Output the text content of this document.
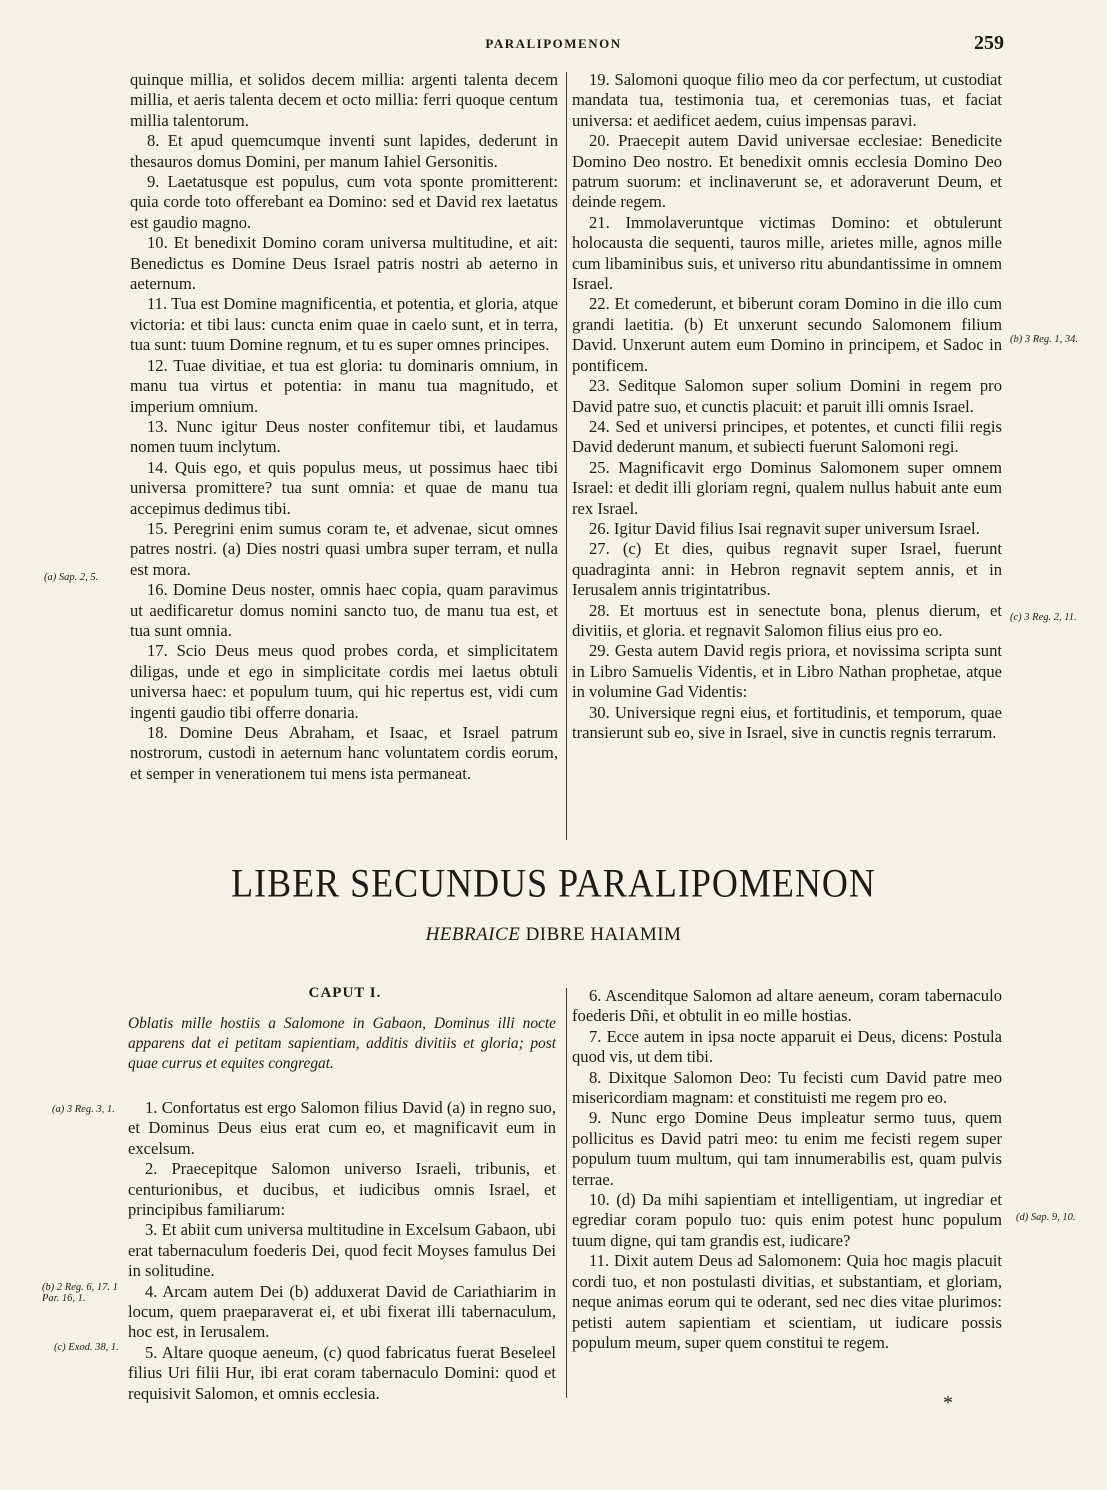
PARALIPOMENON	259

quinque millia, et solidos decem millia: argenti talenta decem millia, et aeris talenta decem et octo millia: ferri quoque centum millia talentorum.

8. Et apud quemcumque inventi sunt lapides, dederunt in thesauros domus Domini, per manum Iahiel Gersonitis.

9. Laetatusque est populus, cum vota sponte promitterent: quia corde toto offerebant ea Domino: sed et David rex laetatus est gaudio magno.

10. Et benedixit Domino coram universa multitudine, et ait: Benedictus es Domine Deus Israel patris nostri ab aeterno in aeternum.

11. Tua est Domine magnificentia, et potentia, et gloria, atque victoria: et tibi laus: cuncta enim quae in caelo sunt, et in terra, tua sunt: tuum Domine regnum, et tu es super omnes principes.

12. Tuae divitiae, et tua est gloria: tu dominaris omnium, in manu tua virtus et potentia: in manu tua magnitudo, et imperium omnium.

13. Nunc igitur Deus noster confitemur tibi, et laudamus nomen tuum inclytum.

14. Quis ego, et quis populus meus, ut possimus haec tibi universa promittere? tua sunt omnia: et quae de manu tua accepimus dedimus tibi.

15. Peregrini enim sumus coram te, et advenae, sicut omnes patres nostri. (a) Dies nostri quasi umbra super terram, et nulla est mora.

16. Domine Deus noster, omnis haec copia, quam paravimus ut aedificaretur domus nomini sancto tuo, de manu tua est, et tua sunt omnia.

17. Scio Deus meus quod probes corda, et simplicitatem diligas, unde et ego in simplicitate cordis mei laetus obtuli universa haec: et populum tuum, qui hic repertus est, vidi cum ingenti gaudio tibi offerre donaria.

18. Domine Deus Abraham, et Isaac, et Israel patrum nostrorum, custodi in aeternum hanc voluntatem cordis eorum, et semper in venerationem tui mens ista permaneat.

19. Salomoni quoque filio meo da cor perfectum, ut custodiat mandata tua, testimonia tua, et ceremonias tuas, et faciat universa: et aedificet aedem, cuius impensas paravi.

20. Praecepit autem David universae ecclesiae: Benedicite Domino Deo nostro. Et benedixit omnis ecclesia Domino Deo patrum suorum: et inclinaverunt se, et adoraverunt Deum, et deinde regem.

21. Immolaveruntque victimas Domino: et obtulerunt holocausta die sequenti, tauros mille, arietes mille, agnos mille cum libaminibus suis, et universo ritu abundantissime in omnem Israel.

22. Et comederunt, et biberunt coram Domino in die illo cum grandi laetitia. (b) Et unxerunt secundo Salomonem filium David. Unxerunt autem eum Domino in principem, et Sadoc in pontificem.

23. Seditque Salomon super solium Domini in regem pro David patre suo, et cunctis placuit: et paruit illi omnis Israel.

24. Sed et universi principes, et potentes, et cuncti filii regis David dederunt manum, et subiecti fuerunt Salomoni regi.

25. Magnificavit ergo Dominus Salomonem super omnem Israel: et dedit illi gloriam regni, qualem nullus habuit ante eum rex Israel.

26. Igitur David filius Isai regnavit super universum Israel.

27. (c) Et dies, quibus regnavit super Israel, fuerunt quadraginta anni: in Hebron regnavit septem annis, et in Ierusalem annis trigintatribus.

28. Et mortuus est in senectute bona, plenus dierum, et divitiis, et gloria. et regnavit Salomon filius eius pro eo.

29. Gesta autem David regis priora, et novissima scripta sunt in Libro Samuelis Videntis, et in Libro Nathan prophetae, atque in volumine Gad Videntis:

30. Universique regni eius, et fortitudinis, et temporum, quae transierunt sub eo, sive in Israel, sive in cunctis regnis terrarum.

(a) Sap. 2, 5.
(b) 3 Reg. 1, 34.
(c) 3 Reg. 2, 11.
LIBER SECUNDUS PARALIPOMENON
HEBRAICE DIBRE HAIAMIM
CAPUT I.
Oblatis mille hostiis a Salomone in Gabaon, Dominus illi nocte apparens dat ei petitam sapientiam, additis divitiis et gloria; post quae currus et equites congregat.

1. Confortatus est ergo Salomon filius David (a) in regno suo, et Dominus Deus eius erat cum eo, et magnificavit eum in excelsum.

2. Praecepitque Salomon universo Israeli, tribunis, et centurionibus, et ducibus, et iudicibus omnis Israel, et principibus familiarum:

3. Et abiit cum universa multitudine in Excelsum Gabaon, ubi erat tabernaculum foederis Dei, quod fecit Moyses famulus Dei in solitudine.

4. Arcam autem Dei (b) adduxerat David de Cariathiarim in locum, quem praeparaverat ei, et ubi fixerat illi tabernaculum, hoc est, in Ierusalem.

5. Altare quoque aeneum, (c) quod fabricatus fuerat Beseleel filius Uri filii Hur, ibi erat coram tabernaculo Domini: quod et requisivit Salomon, et omnis ecclesia.

6. Ascenditque Salomon ad altare aeneum, coram tabernaculo foederis Dñi, et obtulit in eo mille hostias.

7. Ecce autem in ipsa nocte apparuit ei Deus, dicens: Postula quod vis, ut dem tibi.

8. Dixitque Salomon Deo: Tu fecisti cum David patre meo misericordiam magnam: et constituisti me regem pro eo.

9. Nunc ergo Domine Deus impleatur sermo tuus, quem pollicitus es David patri meo: tu enim me fecisti regem super populum tuum multum, qui tam innumerabilis est, quam pulvis terrae.

10. (d) Da mihi sapientiam et intelligentiam, ut ingrediar et egrediar coram populo tuo: quis enim potest hunc populum tuum digne, qui tam grandis est, iudicare?

11. Dixit autem Deus ad Salomonem: Quia hoc magis placuit cordi tuo, et non postulasti divitias, et substantiam, et gloriam, neque animas eorum qui te oderant, sed nec dies vitae plurimos: petisti autem sapientiam et scientiam, ut iudicare possis populum meum, super quem constitui te regem.

(a) 3 Reg. 3, 1.
(b) 2 Reg. 6, 17. 1 Par. 16, 1.
(c) Exod. 38, 1.
(d) Sap. 9, 10.
*
